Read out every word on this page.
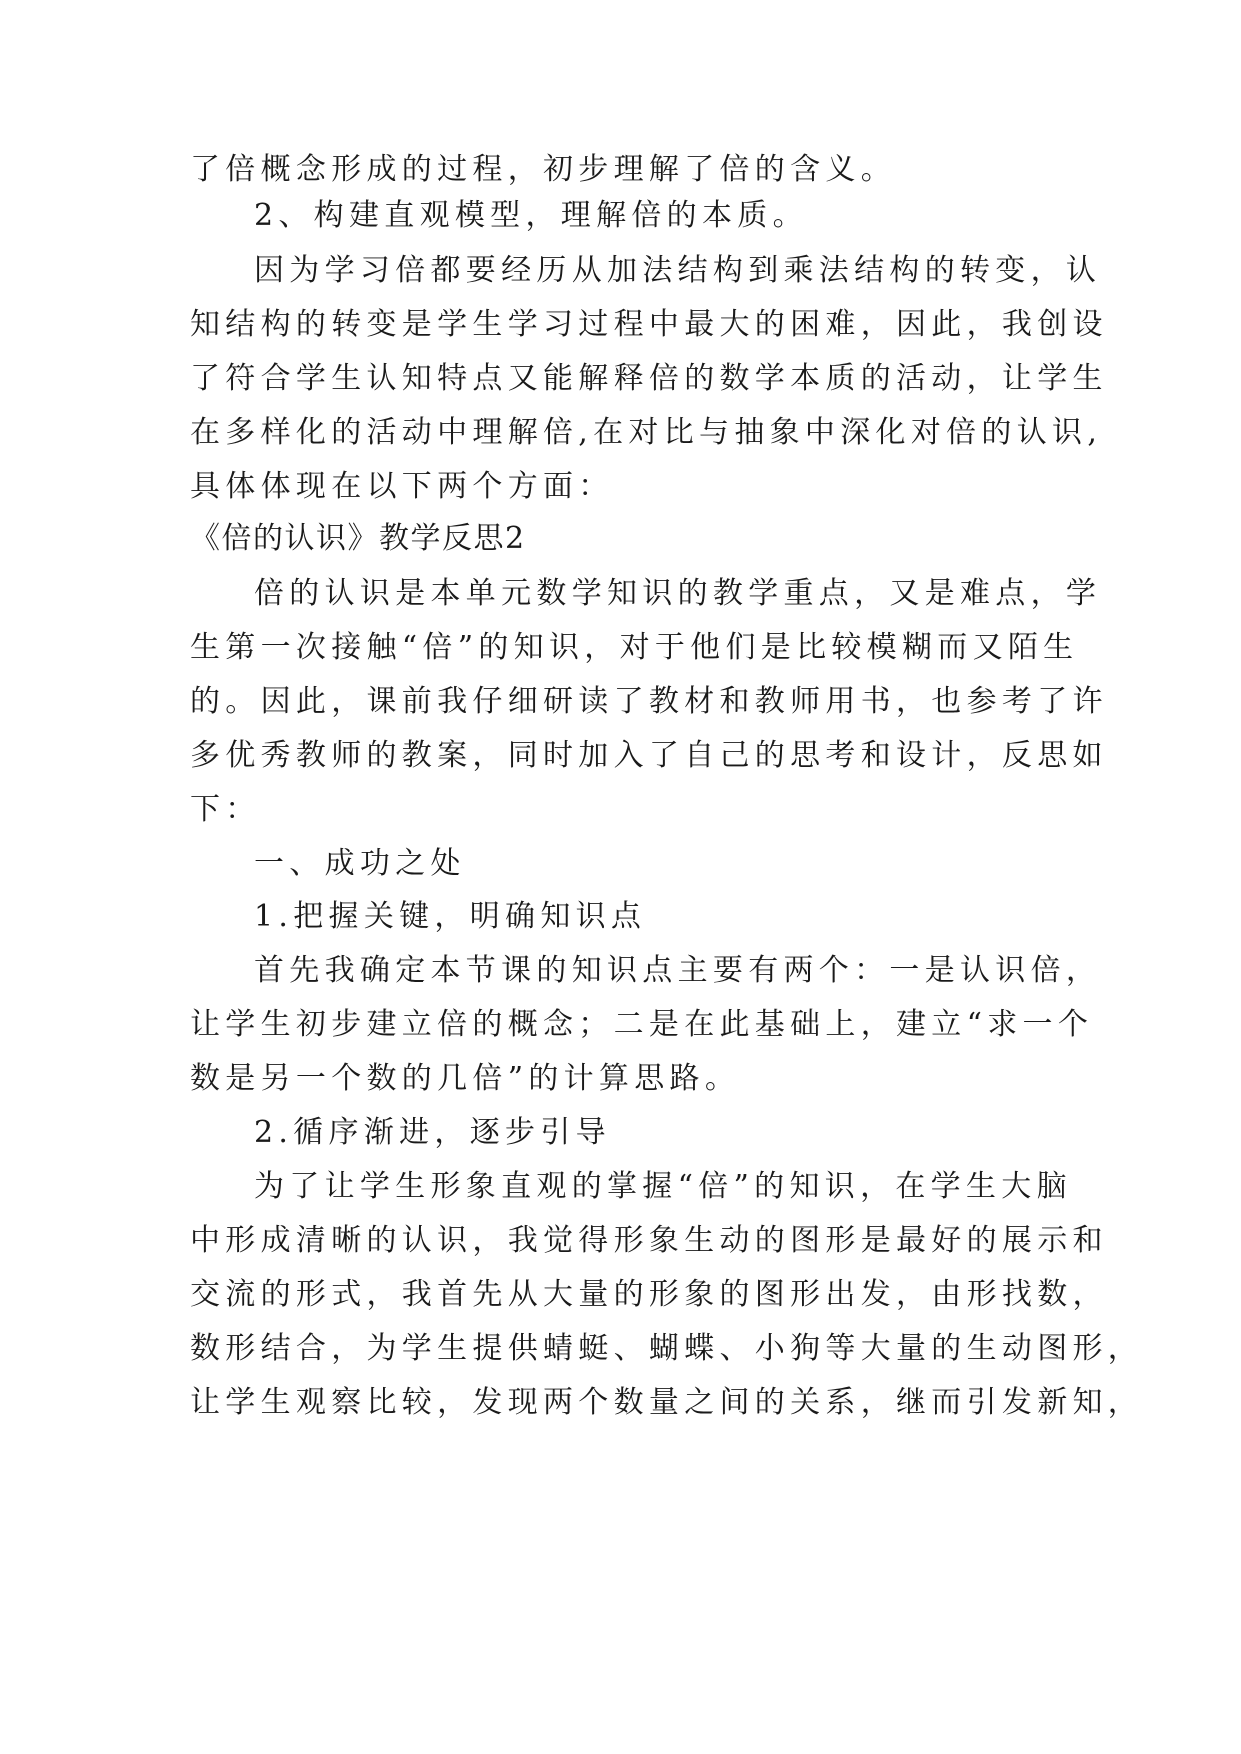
了倍概念形成的过程，初步理解了倍的含义。
2、构建直观模型，理解倍的本质。
因为学习倍都要经历从加法结构到乘法结构的转变，认
知结构的转变是学生学习过程中最大的困难，因此，我创设
了符合学生认知特点又能解释倍的数学本质的活动，让学生
在多样化的活动中理解倍,在对比与抽象中深化对倍的认识,
具体体现在以下两个方面：
《倍的认识》教学反思2
倍的认识是本单元数学知识的教学重点，又是难点，学
生第一次接触“倍”的知识，对于他们是比较模糊而又陌生
的。因此，课前我仔细研读了教材和教师用书，也参考了许
多优秀教师的教案，同时加入了自己的思考和设计，反思如
下：
一、成功之处
1.把握关键，明确知识点
首先我确定本节课的知识点主要有两个：一是认识倍，
让学生初步建立倍的概念；二是在此基础上，建立“求一个
数是另一个数的几倍”的计算思路。
2.循序渐进，逐步引导
为了让学生形象直观的掌握“倍”的知识，在学生大脑
中形成清晰的认识，我觉得形象生动的图形是最好的展示和
交流的形式，我首先从大量的形象的图形出发，由形找数，
数形结合，为学生提供蜻蜓、蝴蝶、小狗等大量的生动图形，
让学生观察比较，发现两个数量之间的关系，继而引发新知，
